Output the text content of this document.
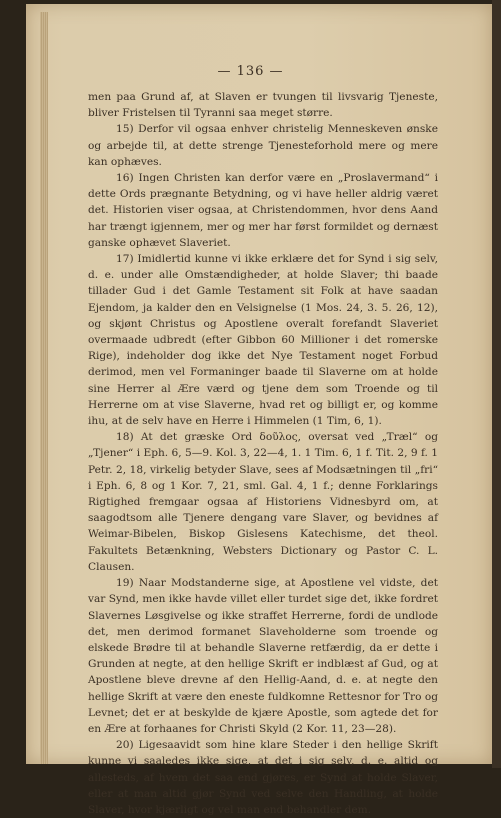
— 136 —

men paa Grund af, at Slaven er tvungen til livsvarig Tjeneste, bliver Fristelsen til Tyranni saa meget større.

15) Derfor vil ogsaa enhver christelig Menneskeven ønske og arbejde til, at dette strenge Tjenesteforhold mere og mere kan ophæves.

16) Ingen Christen kan derfor være en „Proslavermand“ i dette Ords prægnante Betydning, og vi have heller aldrig været det. Historien viser ogsaa, at Christendommen, hvor dens Aand har trængt igjennem, mer og mer har først formildet og dernæst ganske ophævet Slaveriet.

17) Imidlertid kunne vi ikke erklære det for Synd i sig selv, d. e. under alle Omstændigheder, at holde Slaver; thi baade tillader Gud i det Gamle Testament sit Folk at have saadan Ejendom, ja kalder den en Velsignelse (1 Mos. 24, 3. 5. 26, 12), og skjønt Christus og Apostlene overalt forefandt Slaveriet overmaade udbredt (efter Gibbon 60 Millioner i det romerske Rige), indeholder dog ikke det Nye Testament noget Forbud derimod, men vel Formaninger baade til Slaverne om at holde sine Herrer al Ære værd og tjene dem som Troende og til Herrerne om at vise Slaverne, hvad ret og billigt er, og komme ihu, at de selv have en Herre i Himmelen (1 Tim, 6, 1).

18) At det græske Ord δοῦλος, oversat ved „Træl“ og „Tjener“ i Eph. 6, 5—9. Kol. 3, 22—4, 1. 1 Tim. 6, 1 f. Tit. 2, 9 f. 1 Petr. 2, 18, virkelig betyder Slave, sees af Modsætningen til „fri“ i Eph. 6, 8 og 1 Kor. 7, 21, sml. Gal. 4, 1 f.; denne Forklarings Rigtighed fremgaar ogsaa af Historiens Vidnesbyrd om, at saagodtsom alle Tjenere dengang vare Slaver, og bevidnes af Weimar-Bibelen, Biskop Gislesens Katechisme, det theol. Fakultets Betænkning, Websters Dictionary og Pastor C. L. Clausen.

19) Naar Modstanderne sige, at Apostlene vel vidste, det var Synd, men ikke havde villet eller turdet sige det, ikke fordret Slavernes Løsgivelse og ikke straffet Herrerne, fordi de undlode det, men derimod formanet Slaveholderne som troende og elskede Brødre til at behandle Slaverne retfærdig, da er dette i Grunden at negte, at den hellige Skrift er indblæst af Gud, og at Apostlene bleve drevne af den Hellig-Aand, d. e. at negte den hellige Skrift at være den eneste fuldkomne Rettesnor for Tro og Levnet; det er at beskylde de kjære Apostle, som agtede det for en Ære at forhaanes for Christi Skyld (2 Kor. 11, 23—28).

20) Ligesaavidt som hine klare Steder i den hellige Skrift kunne vi saaledes ikke sige, at det i sig selv, d. e. altid og allesteds, af hvem det saa end gjøres, er Synd at holde Slaver, eller at man altid gjør Synd ved selve den Handling, at holde Slaver, hvor kjærligt og vel man end behandler dem.
